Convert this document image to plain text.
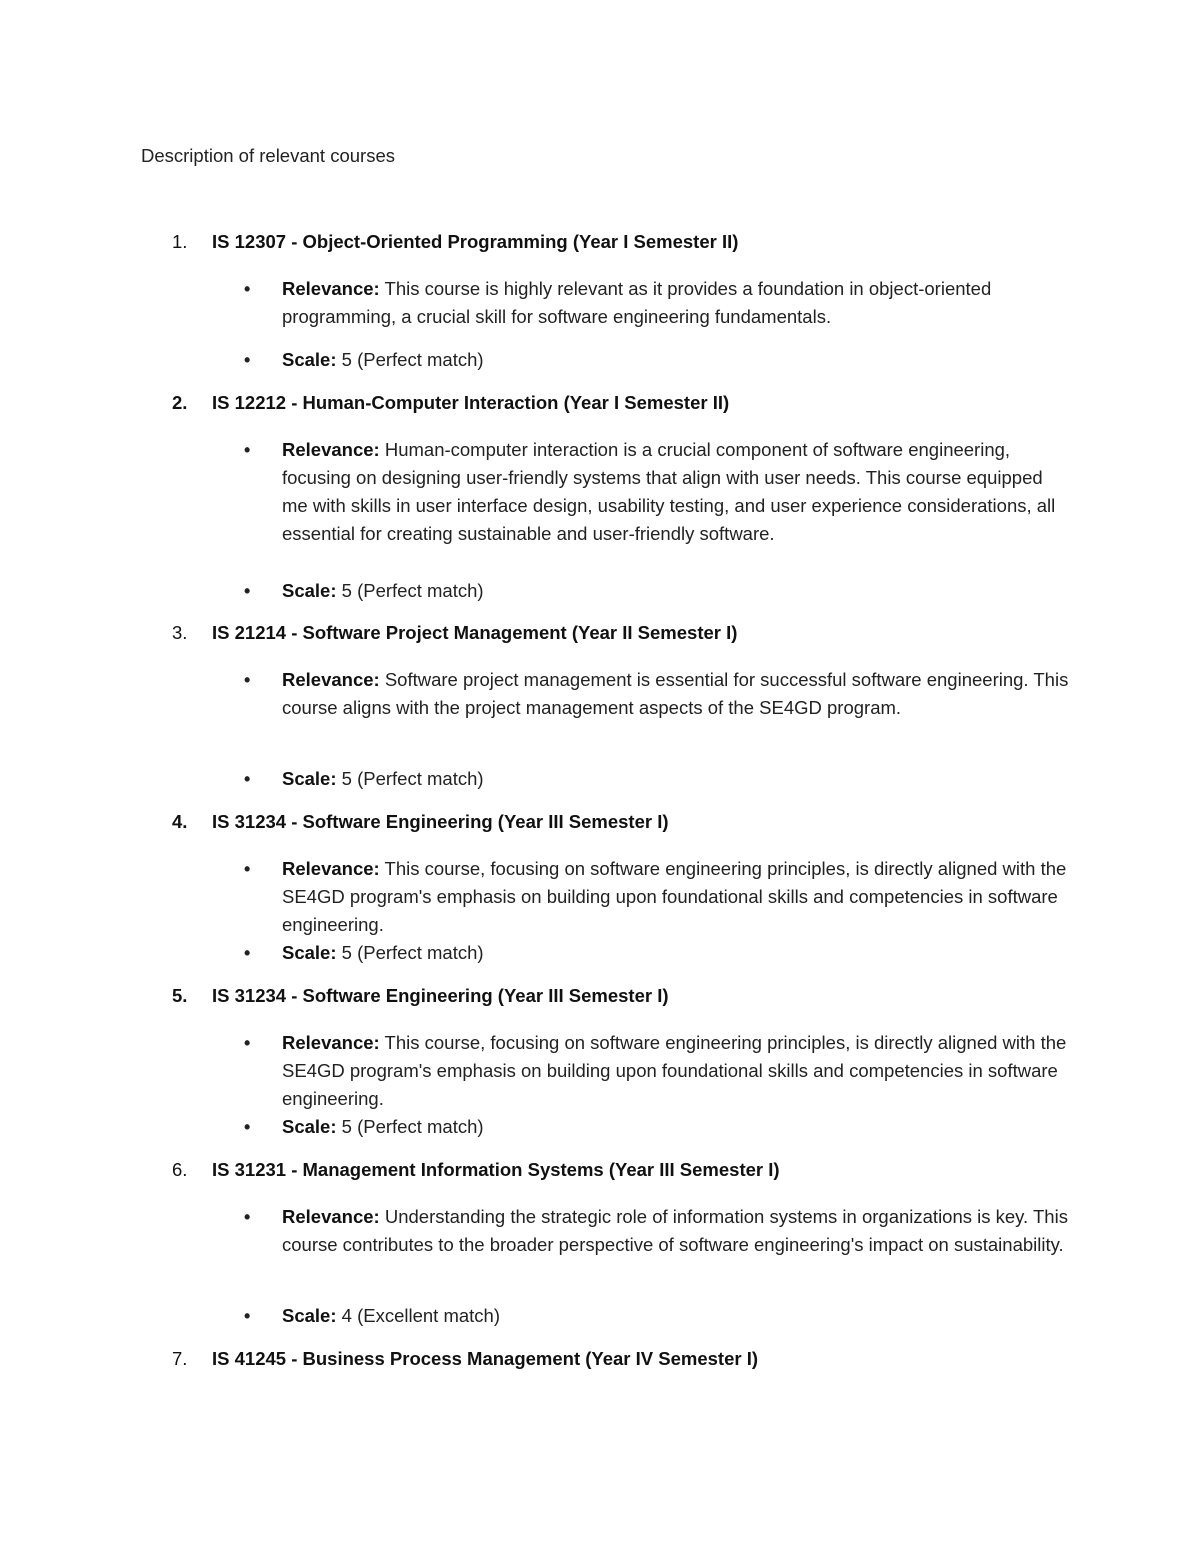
Description of relevant courses
1. IS 12307 - Object-Oriented Programming (Year I Semester II)
• Relevance: This course is highly relevant as it provides a foundation in object-oriented programming, a crucial skill for software engineering fundamentals.
• Scale: 5 (Perfect match)
2. IS 12212 - Human-Computer Interaction (Year I Semester II)
• Relevance: Human-computer interaction is a crucial component of software engineering, focusing on designing user-friendly systems that align with user needs. This course equipped me with skills in user interface design, usability testing, and user experience considerations, all essential for creating sustainable and user-friendly software.
• Scale: 5 (Perfect match)
3. IS 21214 - Software Project Management (Year II Semester I)
• Relevance: Software project management is essential for successful software engineering. This course aligns with the project management aspects of the SE4GD program.
• Scale: 5 (Perfect match)
4. IS 31234 - Software Engineering (Year III Semester I)
• Relevance: This course, focusing on software engineering principles, is directly aligned with the SE4GD program's emphasis on building upon foundational skills and competencies in software engineering.
• Scale: 5 (Perfect match)
5. IS 31234 - Software Engineering (Year III Semester I)
• Relevance: This course, focusing on software engineering principles, is directly aligned with the SE4GD program's emphasis on building upon foundational skills and competencies in software engineering.
• Scale: 5 (Perfect match)
6. IS 31231 - Management Information Systems (Year III Semester I)
• Relevance: Understanding the strategic role of information systems in organizations is key. This course contributes to the broader perspective of software engineering's impact on sustainability.
• Scale: 4 (Excellent match)
7. IS 41245 - Business Process Management (Year IV Semester I)
